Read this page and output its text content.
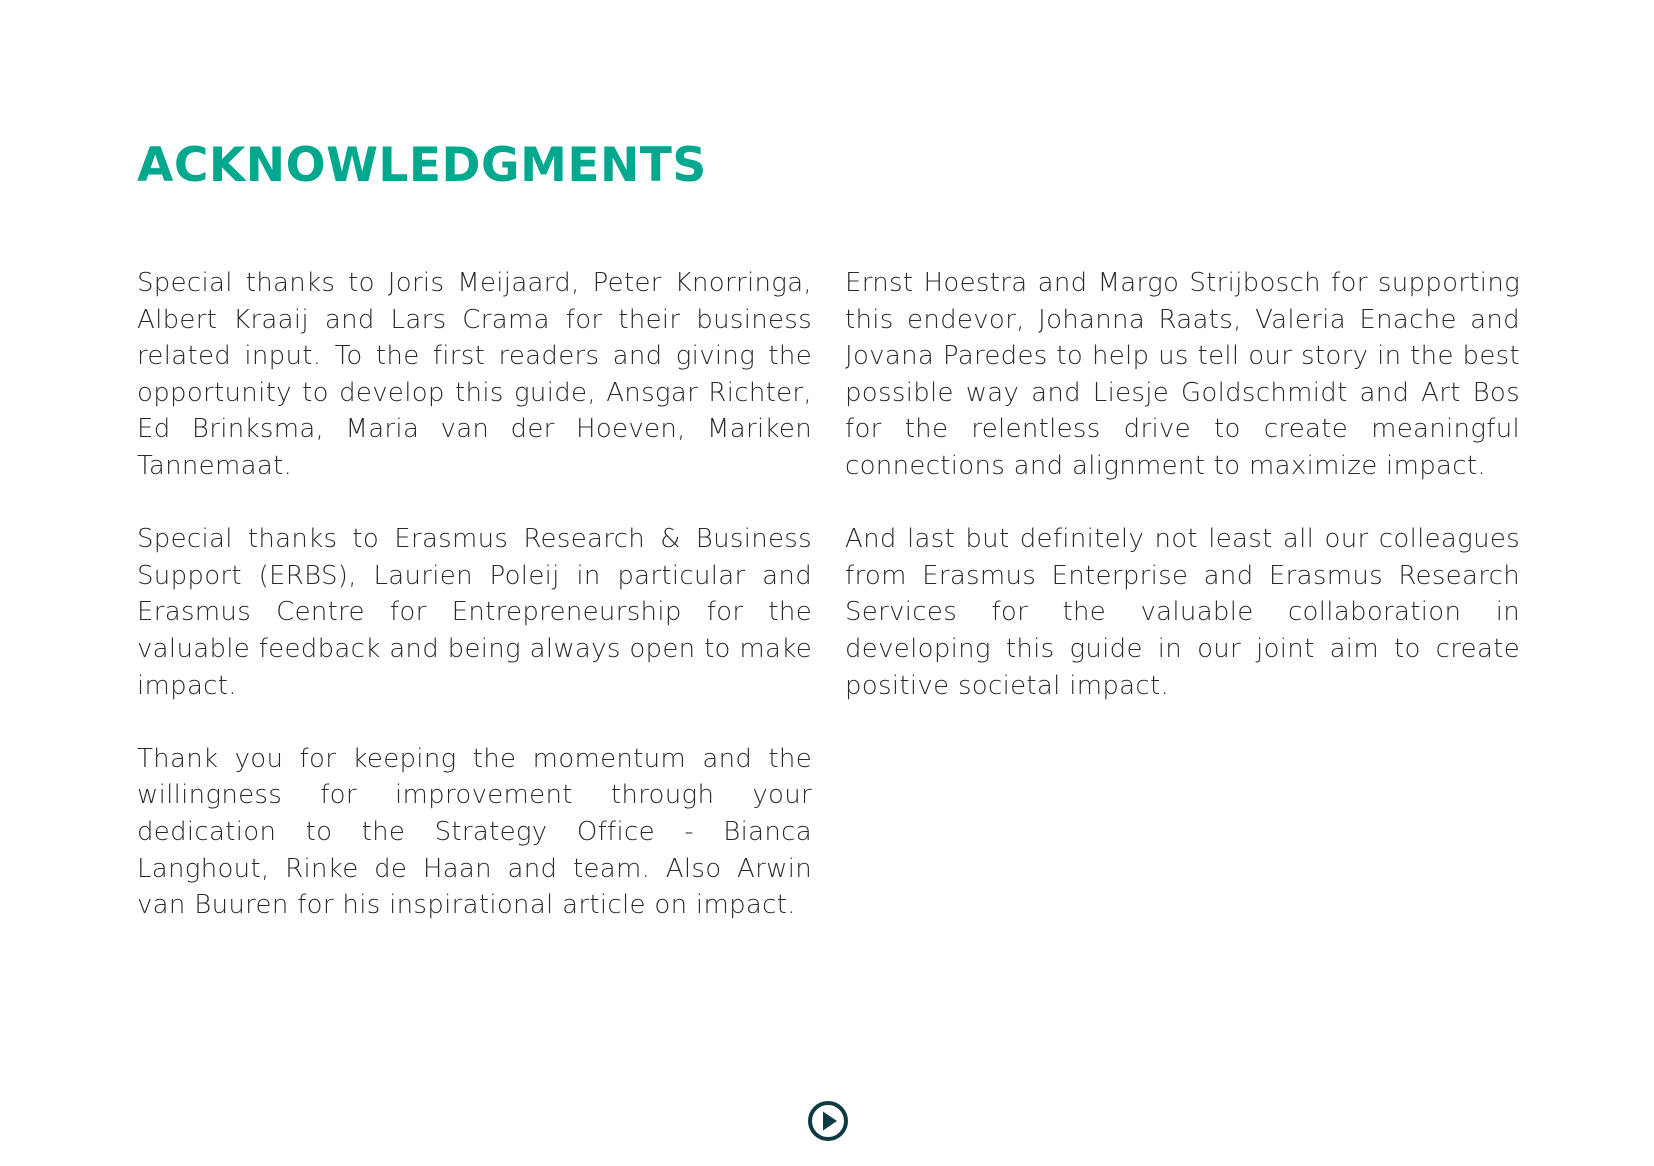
ACKNOWLEDGMENTS

Special thanks to Joris Meijaard, Peter Knorringa, Albert Kraaij and Lars Crama for their business related input. To the first readers and giving the opportunity to develop this guide, Ansgar Richter, Ed Brinksma, Maria van der Hoeven, Mariken Tannemaat.

Special thanks to Erasmus Research & Business Support (ERBS), Laurien Poleij in particular and Erasmus Centre for Entrepreneurship for the valuable feedback and being always open to make impact.

Thank you for keeping the momentum and the willingness for improvement through your dedication to the Strategy Office - Bianca Langhout, Rinke de Haan and team. Also Arwin van Buuren for his inspirational article on impact.

Ernst Hoestra and Margo Strijbosch for supporting this endevor, Johanna Raats, Valeria Enache and Jovana Paredes to help us tell our story in the best possible way and Liesje Goldschmidt and Art Bos for the relentless drive to create meaningful connections and alignment to maximize impact.

And last but definitely not least all our colleagues from Erasmus Enterprise and Erasmus Research Services for the valuable collaboration in developing this guide in our joint aim to create positive societal impact.
